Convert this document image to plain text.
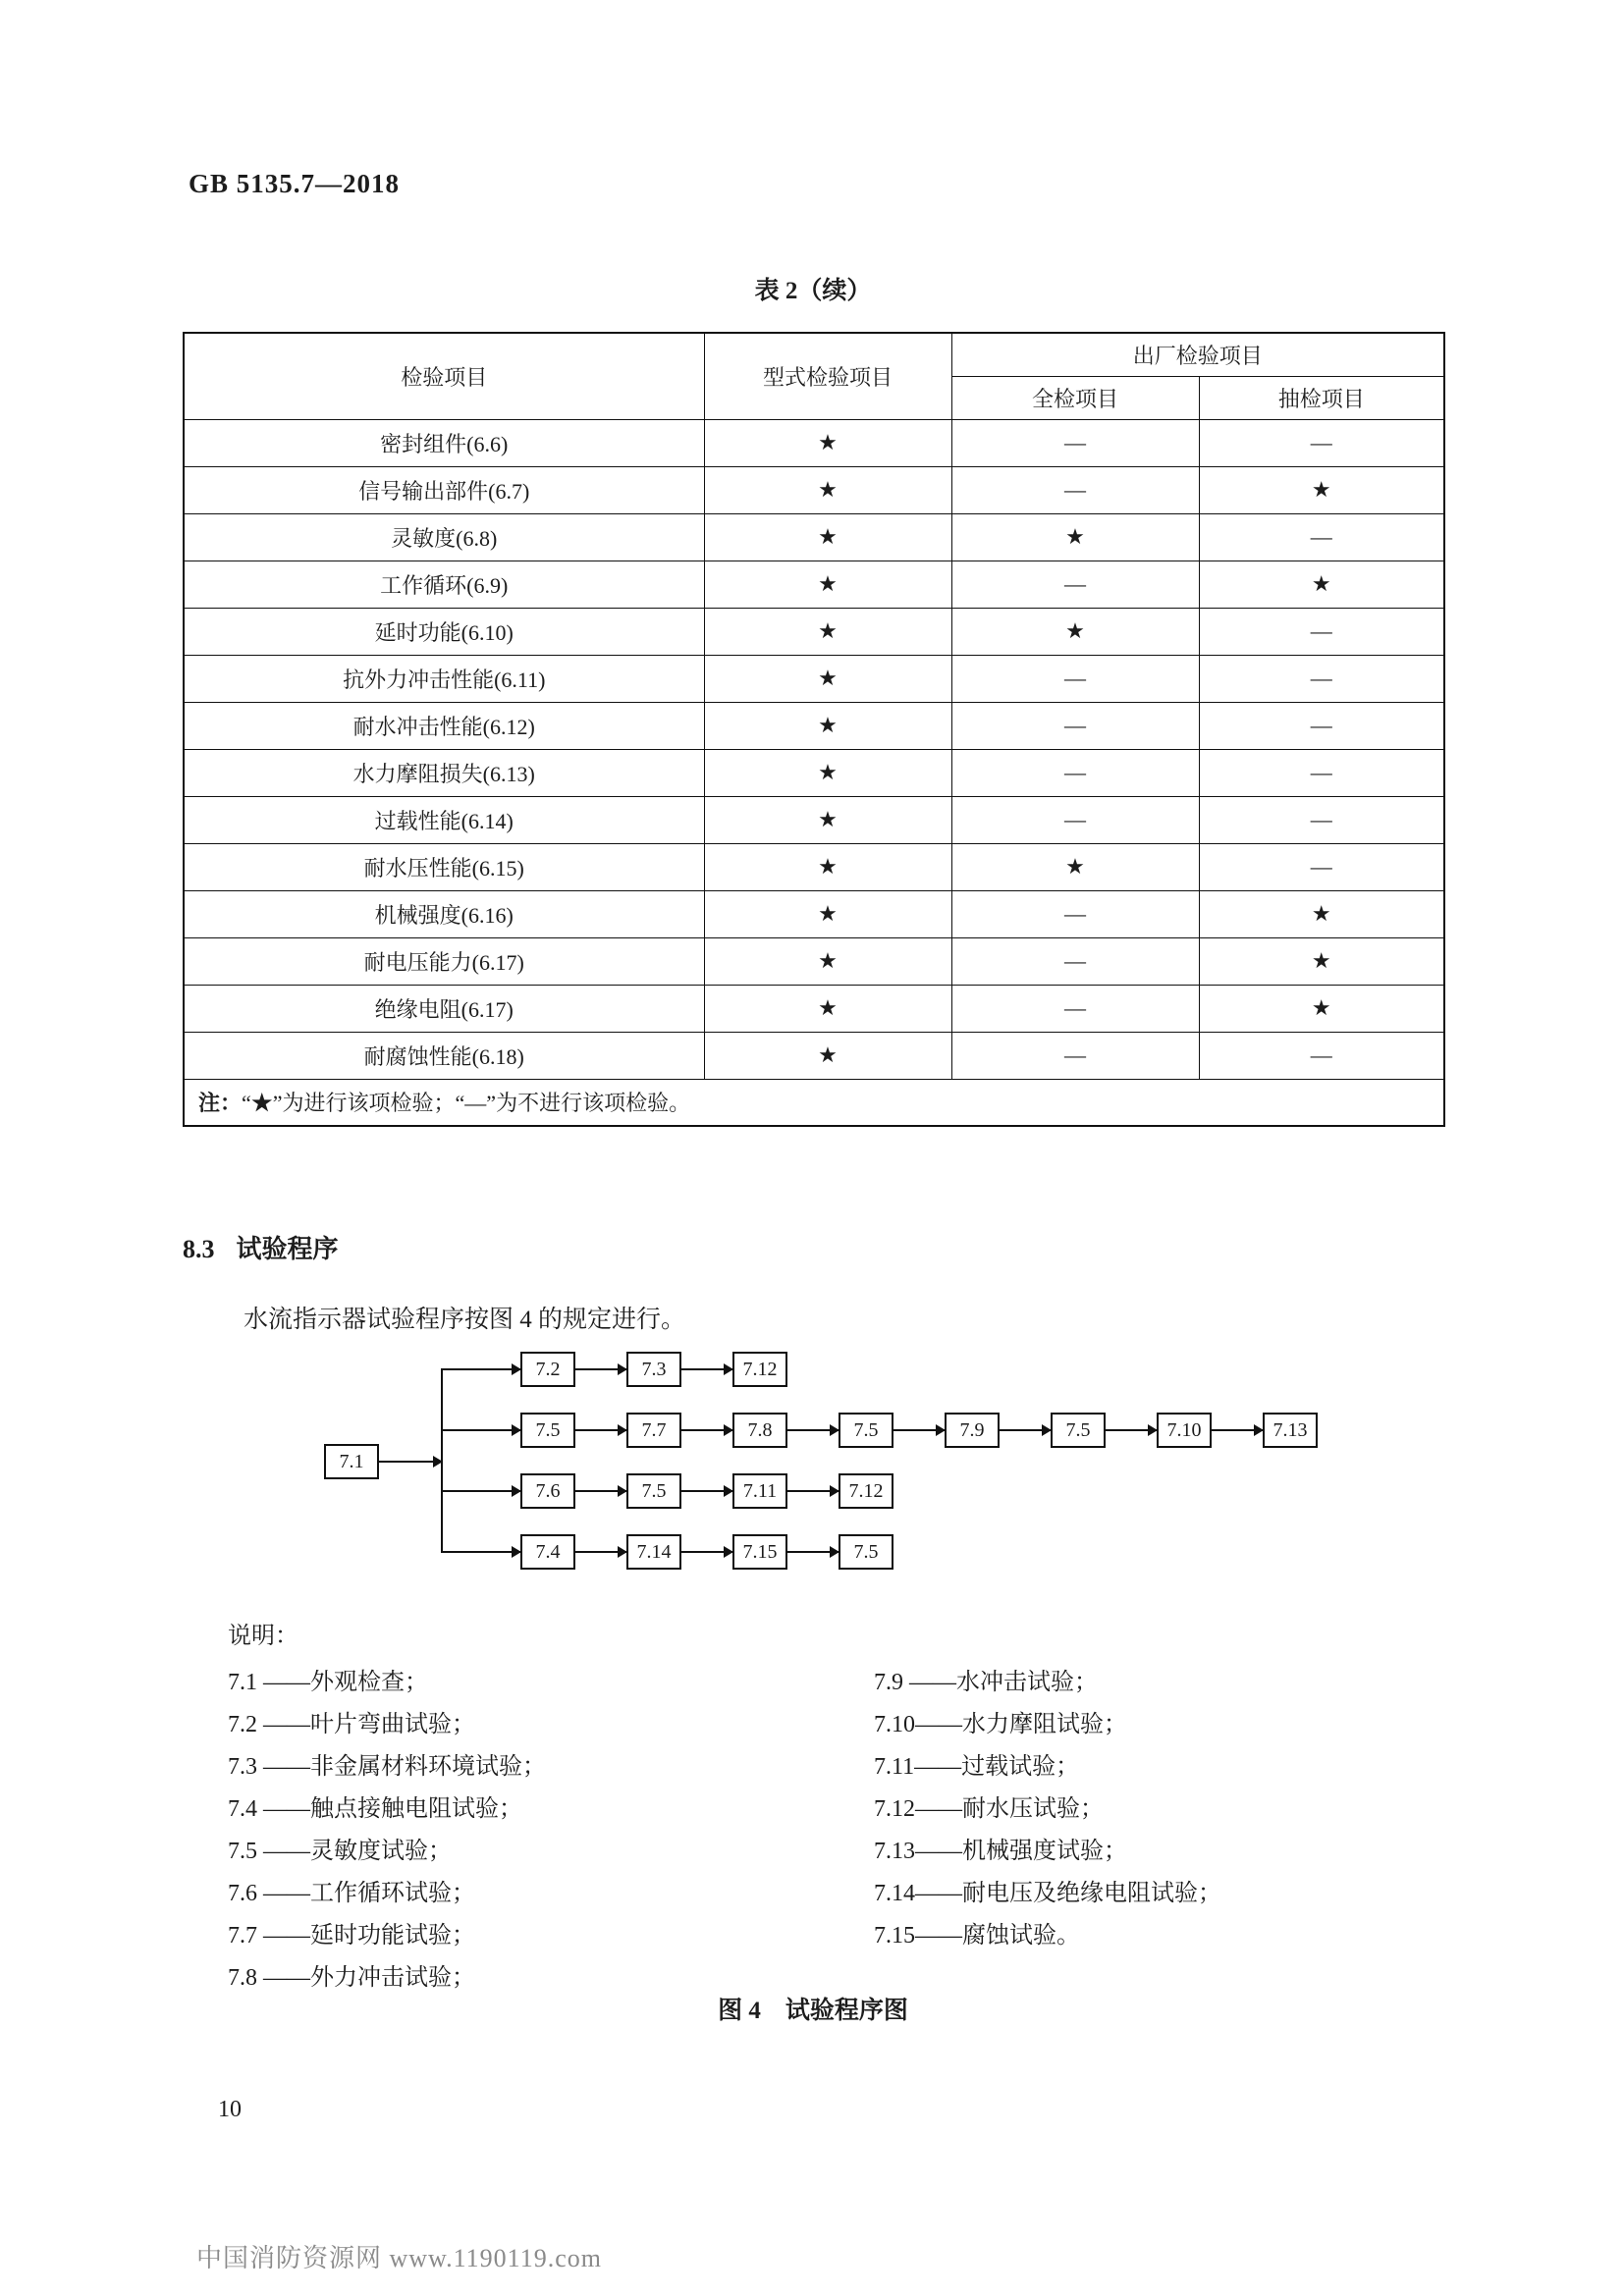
GB 5135.7—2018
表 2（续）
检验项目	型式检验项目	出厂检验项目	
		全检项目	抽检项目
密封组件(6.6)	★	—	—
信号输出部件(6.7)	★	—	★
灵敏度(6.8)	★	★	—
工作循环(6.9)	★	—	★
延时功能(6.10)	★	★	—
抗外力冲击性能(6.11)	★	—	—
耐水冲击性能(6.12)	★	—	—
水力摩阻损失(6.13)	★	—	—
过载性能(6.14)	★	—	—
耐水压性能(6.15)	★	★	—
机械强度(6.16)	★	—	★
耐电压能力(6.17)	★	—	★
绝缘电阻(6.17)	★	—	★
耐腐蚀性能(6.18)	★	—	—
注：“★”为进行该项检验；“—”为不进行该项检验。			
8.3 试验程序
水流指示器试验程序按图 4 的规定进行。
7.1
7.2	7.3	7.12
7.5	7.7	7.8	7.5	7.9	7.5	7.10	7.13
7.6	7.5	7.11	7.12
7.4	7.14	7.15	7.5
说明：
7.1 ——外观检查；
7.2 ——叶片弯曲试验；
7.3 ——非金属材料环境试验；
7.4 ——触点接触电阻试验；
7.5 ——灵敏度试验；
7.6 ——工作循环试验；
7.7 ——延时功能试验；
7.8 ——外力冲击试验；
7.9 ——水冲击试验；
7.10——水力摩阻试验；
7.11——过载试验；
7.12——耐水压试验；
7.13——机械强度试验；
7.14——耐电压及绝缘电阻试验；
7.15——腐蚀试验。
图 4　试验程序图
10
中国消防资源网 www.1190119.com
